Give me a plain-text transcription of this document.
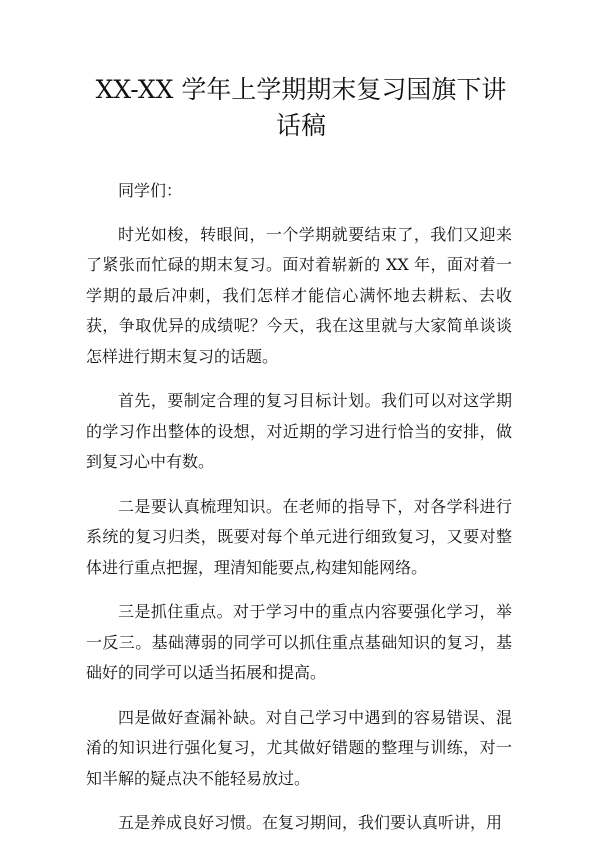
XX-XX 学年上学期期末复习国旗下讲话稿

同学们：

时光如梭，转眼间，一个学期就要结束了，我们又迎来了紧张而忙碌的期末复习。面对着崭新的 XX 年，面对着一学期的最后冲刺，我们怎样才能信心满怀地去耕耘、去收获，争取优异的成绩呢？今天，我在这里就与大家简单谈谈怎样进行期末复习的话题。

首先，要制定合理的复习目标计划。我们可以对这学期的学习作出整体的设想，对近期的学习进行恰当的安排，做到复习心中有数。

二是要认真梳理知识。在老师的指导下，对各学科进行系统的复习归类，既要对每个单元进行细致复习，又要对整体进行重点把握，理清知能要点,构建知能网络。

三是抓住重点。对于学习中的重点内容要强化学习，举一反三。基础薄弱的同学可以抓住重点基础知识的复习，基础好的同学可以适当拓展和提高。

四是做好查漏补缺。对自己学习中遇到的容易错误、混淆的知识进行强化复习，尤其做好错题的整理与训练，对一知半解的疑点决不能轻易放过。

五是养成良好习惯。在复习期间，我们要认真听讲，用
